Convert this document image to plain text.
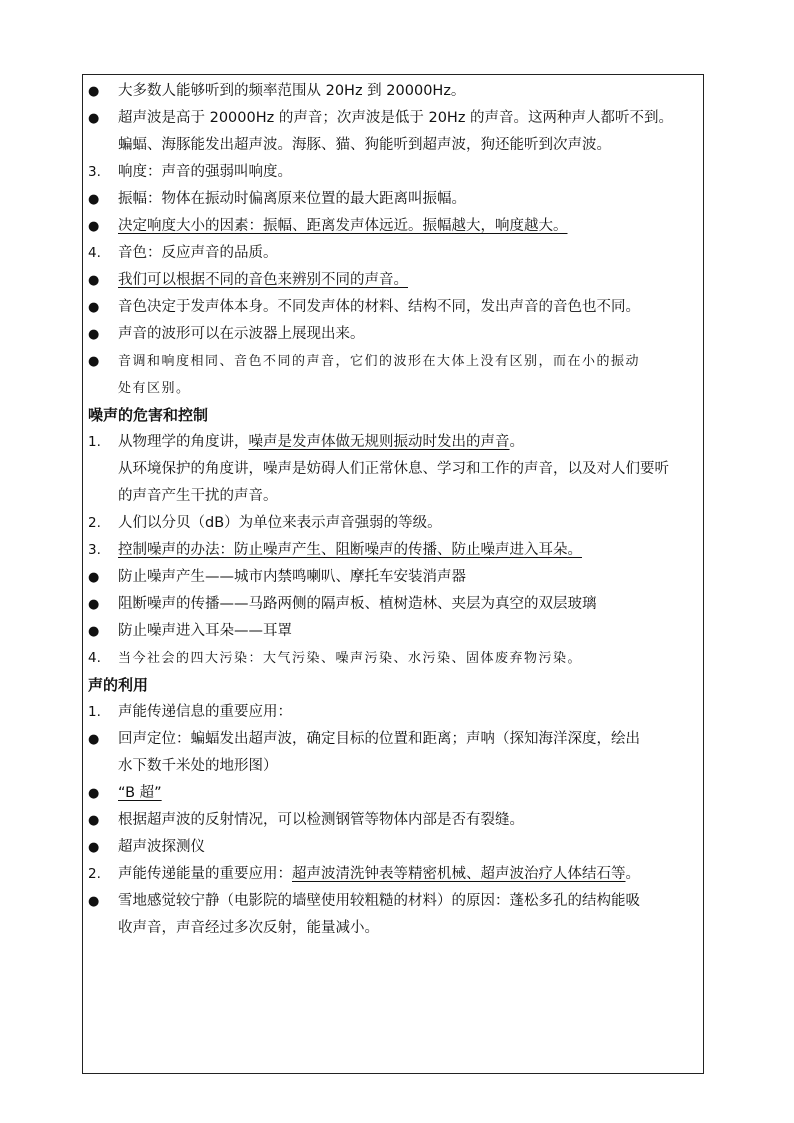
●	大多数人能够听到的频率范围从 20Hz 到 20000Hz。
●	超声波是高于 20000Hz 的声音；次声波是低于 20Hz 的声音。这两种声人都听不到。
蝙蝠、海豚能发出超声波。海豚、猫、狗能听到超声波，狗还能听到次声波。
3.	响度：声音的强弱叫响度。
●	振幅：物体在振动时偏离原来位置的最大距离叫振幅。
●	决定响度大小的因素：振幅、距离发声体远近。振幅越大，响度越大。
4.	音色：反应声音的品质。
●	我们可以根据不同的音色来辨别不同的声音。
●	音色决定于发声体本身。不同发声体的材料、结构不同，发出声音的音色也不同。
●	声音的波形可以在示波器上展现出来。
●	音调和响度相同、音色不同的声音，它们的波形在大体上没有区别，而在小的振动
处有区别。
噪声的危害和控制
1.	从物理学的角度讲，噪声是发声体做无规则振动时发出的声音。
从环境保护的角度讲，噪声是妨碍人们正常休息、学习和工作的声音，以及对人们要听
的声音产生干扰的声音。
2.	人们以分贝（dB）为单位来表示声音强弱的等级。
3.	控制噪声的办法：防止噪声产生、阻断噪声的传播、防止噪声进入耳朵。
●	防止噪声产生——城市内禁鸣喇叭、摩托车安装消声器
●	阻断噪声的传播——马路两侧的隔声板、植树造林、夹层为真空的双层玻璃
●	防止噪声进入耳朵——耳罩
4.	当今社会的四大污染：大气污染、噪声污染、水污染、固体废弃物污染。
声的利用
1.	声能传递信息的重要应用：
●	回声定位：蝙蝠发出超声波，确定目标的位置和距离；声呐（探知海洋深度，绘出
水下数千米处的地形图）
●	“B 超”
●	根据超声波的反射情况，可以检测钢管等物体内部是否有裂缝。
●	超声波探测仪
2.	声能传递能量的重要应用：超声波清洗钟表等精密机械、超声波治疗人体结石等。
●	雪地感觉较宁静（电影院的墙壁使用较粗糙的材料）的原因：蓬松多孔的结构能吸
收声音，声音经过多次反射，能量减小。
